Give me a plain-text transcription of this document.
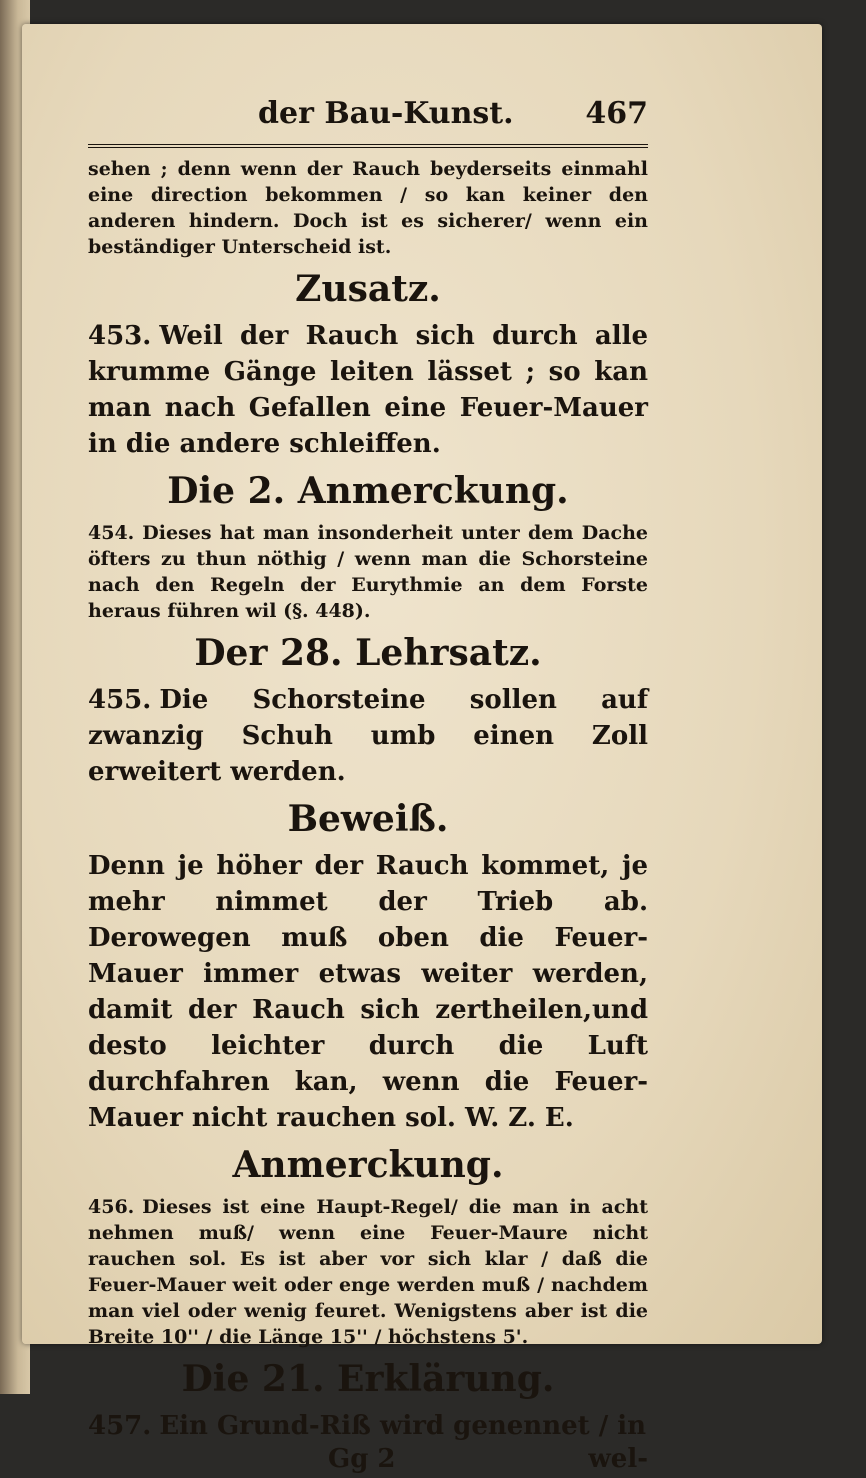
der Bau-Kunst. 467

sehen ; denn wenn der Rauch beyderseits einmahl eine direction bekommen / so kan keiner den anderen hindern. Doch ist es sicherer/ wenn ein beständiger Unterscheid ist.

Zusatz.

453. Weil der Rauch sich durch alle krumme Gänge leiten lässet ; so kan man nach Gefallen eine Feuer-Mauer in die andere schleiffen.

Die 2. Anmerckung.

454. Dieses hat man insonderheit unter dem Dache öfters zu thun nöthig / wenn man die Schorsteine nach den Regeln der Eurythmie an dem Forste heraus führen wil (§. 448).

Der 28. Lehrsatz.

455. Die Schorsteine sollen auf zwanzig Schuh umb einen Zoll erweitert werden.

Beweiß.

Denn je höher der Rauch kommet, je mehr nimmet der Trieb ab. Derowegen muß oben die Feuer-Mauer immer etwas weiter werden, damit der Rauch sich zertheilen,und desto leichter durch die Luft durchfahren kan, wenn die Feuer-Mauer nicht rauchen sol. W. Z. E.

Anmerckung.

456. Dieses ist eine Haupt-Regel/ die man in acht nehmen muß/ wenn eine Feuer-Maure nicht rauchen sol. Es ist aber vor sich klar / daß die Feuer-Mauer weit oder enge werden muß / nachdem man viel oder wenig feuret. Wenigstens aber ist die Breite 10'' / die Länge 15'' / höchstens 5'.

Die 21. Erklärung.

457. Ein Grund-Riß wird genennet / in

Gg 2	wel-
